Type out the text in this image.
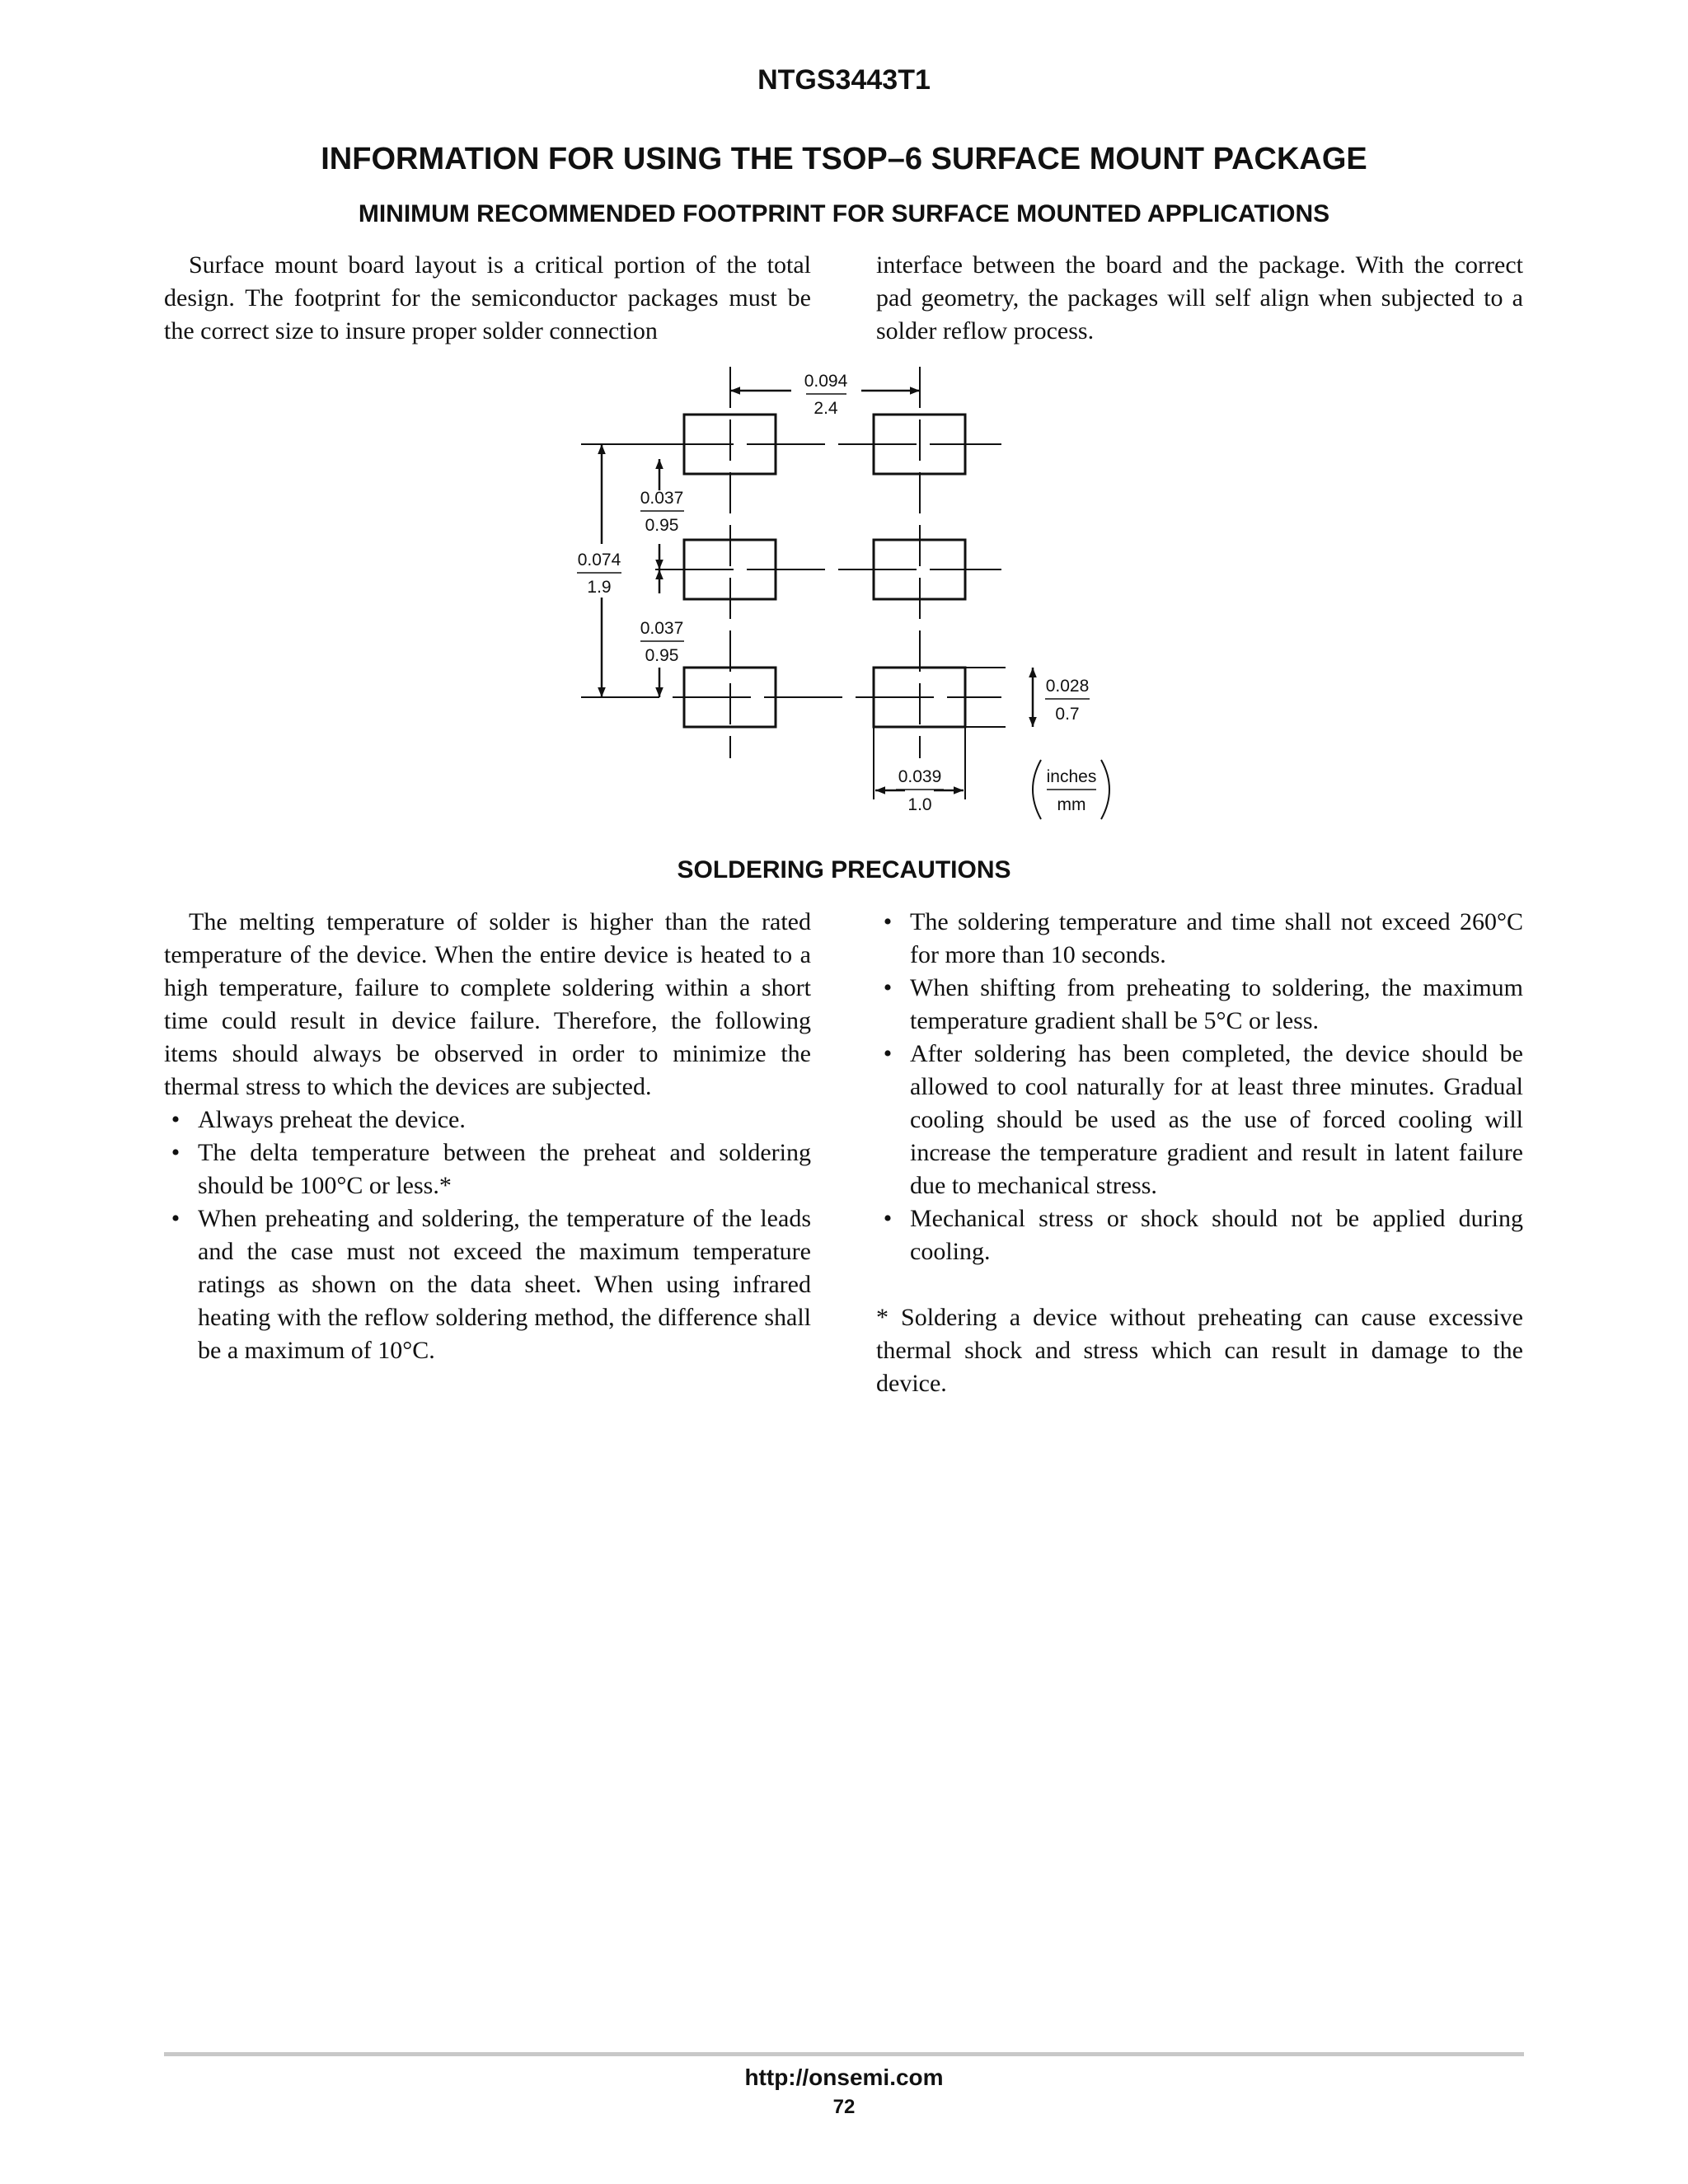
NTGS3443T1
INFORMATION FOR USING THE TSOP–6 SURFACE MOUNT PACKAGE
MINIMUM RECOMMENDED FOOTPRINT FOR SURFACE MOUNTED APPLICATIONS

Surface mount board layout is a critical portion of the total design. The footprint for the semiconductor packages must be the correct size to insure proper solder connection

interface between the board and the package. With the correct pad geometry, the packages will self align when subjected to a solder reflow process.

0.094
2.4
0.037
0.95
0.074
1.9
0.037
0.95
0.028
0.7
0.039
1.0
inches
mm
SOLDERING PRECAUTIONS

The melting temperature of solder is higher than the rated temperature of the device. When the entire device is heated to a high temperature, failure to complete soldering within a short time could result in device failure. Therefore, the following items should always be observed in order to minimize the thermal stress to which the devices are subjected.

• Always preheat the device.
• The delta temperature between the preheat and soldering should be 100°C or less.*
• When preheating and soldering, the temperature of the leads and the case must not exceed the maximum temperature ratings as shown on the data sheet. When using infrared heating with the reflow soldering method, the difference shall be a maximum of 10°C.
• The soldering temperature and time shall not exceed 260°C for more than 10 seconds.
• When shifting from preheating to soldering, the maximum temperature gradient shall be 5°C or less.
• After soldering has been completed, the device should be allowed to cool naturally for at least three minutes. Gradual cooling should be used as the use of forced cooling will increase the temperature gradient and result in latent failure due to mechanical stress.
• Mechanical stress or shock should not be applied during cooling.

* Soldering a device without preheating can cause excessive thermal shock and stress which can result in damage to the device.

http://onsemi.com
72
